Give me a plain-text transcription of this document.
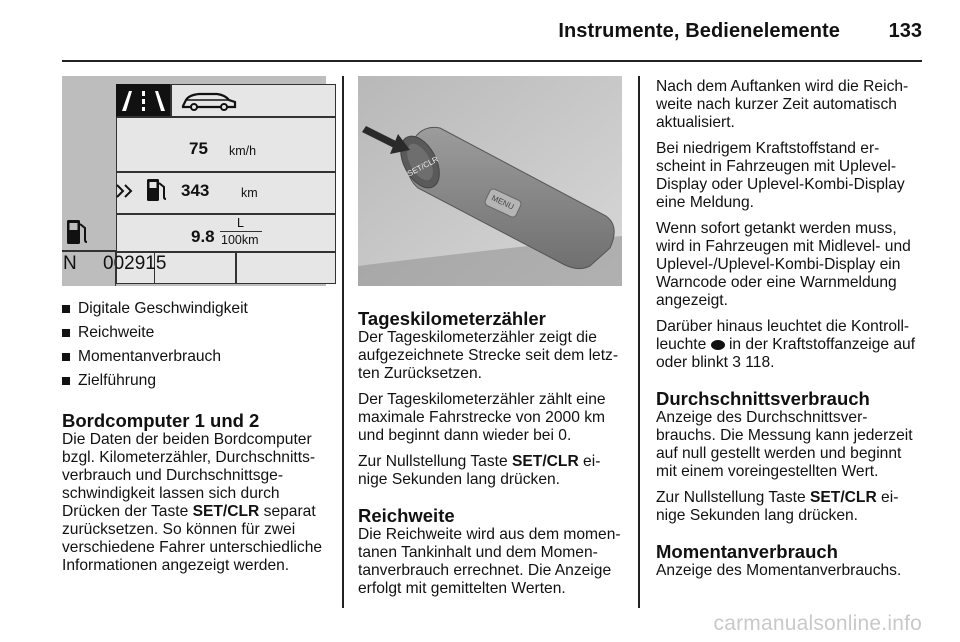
Instrumente, Bedienelemente 133
75 km/h
343	km
9.8
L
100km
N 002915
Digitale Geschwindigkeit
Reichweite
Momentanverbrauch
Zielführung
Bordcomputer 1 und 2

Die Daten der beiden Bordcomputer bzgl. Kilometerzähler, Durchschnittsverbrauch und Durchschnittsgeschwindigkeit lassen sich durch Drücken der Taste SET/CLR separat zurücksetzen. So können für zwei verschiedene Fahrer unterschiedliche Informationen angezeigt werden.

SET/CLR
MENU
Tageskilometerzähler

Der Tageskilometerzähler zeigt die aufgezeichnete Strecke seit dem letzten Zurücksetzen.

Der Tageskilometerzähler zählt eine maximale Fahrstrecke von 2000 km und beginnt dann wieder bei 0.

Zur Nullstellung Taste SET/CLR einige Sekunden lang drücken.

Reichweite

Die Reichweite wird aus dem momentanen Tankinhalt und dem Momentanverbrauch errechnet. Die Anzeige erfolgt mit gemittelten Werten.

Nach dem Auftanken wird die Reichweite nach kurzer Zeit automatisch aktualisiert.

Bei niedrigem Kraftstoffstand erscheint in Fahrzeugen mit Uplevel-Display oder Uplevel-Kombi-Display eine Meldung.

Wenn sofort getankt werden muss, wird in Fahrzeugen mit Midlevel- und Uplevel-/Uplevel-Kombi-Display ein Warncode oder eine Warnmeldung angezeigt.

Darüber hinaus leuchtet die Kontrollleuchte  in der Kraftstoffanzeige auf oder blinkt 3 118.

Durchschnittsverbrauch

Anzeige des Durchschnittsverbrauchs. Die Messung kann jederzeit auf null gestellt werden und beginnt mit einem voreingestellten Wert.

Zur Nullstellung Taste SET/CLR einige Sekunden lang drücken.

Momentanverbrauch

Anzeige des Momentanverbrauchs.

carmanualsonline.info
